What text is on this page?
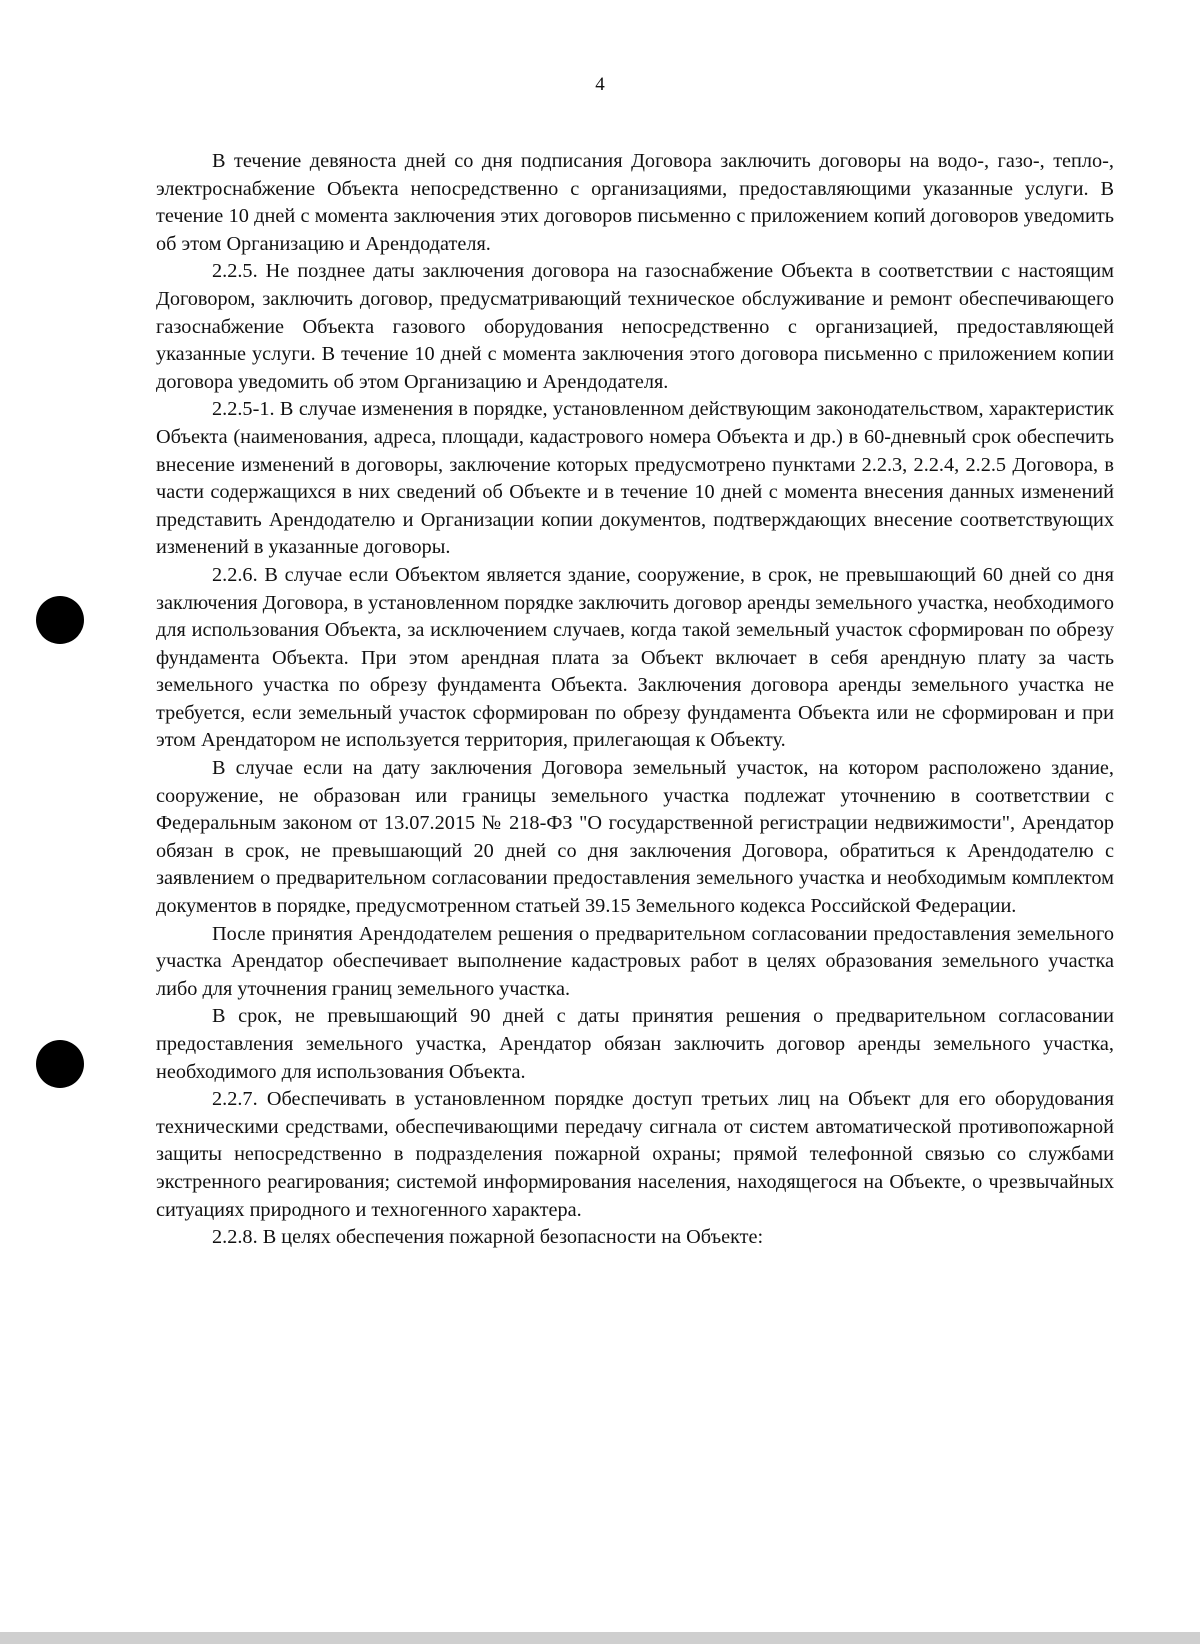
4

В течение девяноста дней со дня подписания Договора заключить договоры на водо-, газо-, тепло-, электроснабжение Объекта непосредственно с организациями, предоставляющими указанные услуги. В течение 10 дней с момента заключения этих договоров письменно с приложением копий договоров уведомить об этом Организацию и Арендодателя.

2.2.5. Не позднее даты заключения договора на газоснабжение Объекта в соответствии с настоящим Договором, заключить договор, предусматривающий техническое обслуживание и ремонт обеспечивающего газоснабжение Объекта газового оборудования непосредственно с организацией, предоставляющей указанные услуги. В течение 10 дней с момента заключения этого договора письменно с приложением копии договора уведомить об этом Организацию и Арендодателя.

2.2.5-1. В случае изменения в порядке, установленном действующим законодательством, характеристик Объекта (наименования, адреса, площади, кадастрового номера Объекта и др.) в 60-дневный срок обеспечить внесение изменений в договоры, заключение которых предусмотрено пунктами 2.2.3, 2.2.4, 2.2.5 Договора, в части содержащихся в них сведений об Объекте и в течение 10 дней с момента внесения данных изменений представить Арендодателю и Организации копии документов, подтверждающих внесение соответствующих изменений в указанные договоры.

2.2.6. В случае если Объектом является здание, сооружение, в срок, не превышающий 60 дней со дня заключения Договора, в установленном порядке заключить договор аренды земельного участка, необходимого для использования Объекта, за исключением случаев, когда такой земельный участок сформирован по обрезу фундамента Объекта. При этом арендная плата за Объект включает в себя арендную плату за часть земельного участка по обрезу фундамента Объекта. Заключения договора аренды земельного участка не требуется, если земельный участок сформирован по обрезу фундамента Объекта или не сформирован и при этом Арендатором не используется территория, прилегающая к Объекту.

В случае если на дату заключения Договора земельный участок, на котором расположено здание, сооружение, не образован или границы земельного участка подлежат уточнению в соответствии с Федеральным законом от 13.07.2015 № 218-ФЗ "О государственной регистрации недвижимости", Арендатор обязан в срок, не превышающий 20 дней со дня заключения Договора, обратиться к Арендодателю с заявлением о предварительном согласовании предоставления земельного участка и необходимым комплектом документов в порядке, предусмотренном статьей 39.15 Земельного кодекса Российской Федерации.

После принятия Арендодателем решения о предварительном согласовании предоставления земельного участка Арендатор обеспечивает выполнение кадастровых работ в целях образования земельного участка либо для уточнения границ земельного участка.

В срок, не превышающий 90 дней с даты принятия решения о предварительном согласовании предоставления земельного участка, Арендатор обязан заключить договор аренды земельного участка, необходимого для использования Объекта.

2.2.7. Обеспечивать в установленном порядке доступ третьих лиц на Объект для его оборудования техническими средствами, обеспечивающими передачу сигнала от систем автоматической противопожарной защиты непосредственно в подразделения пожарной охраны; прямой телефонной связью со службами экстренного реагирования; системой информирования населения, находящегося на Объекте, о чрезвычайных ситуациях природного и техногенного характера.

2.2.8. В целях обеспечения пожарной безопасности на Объекте:
